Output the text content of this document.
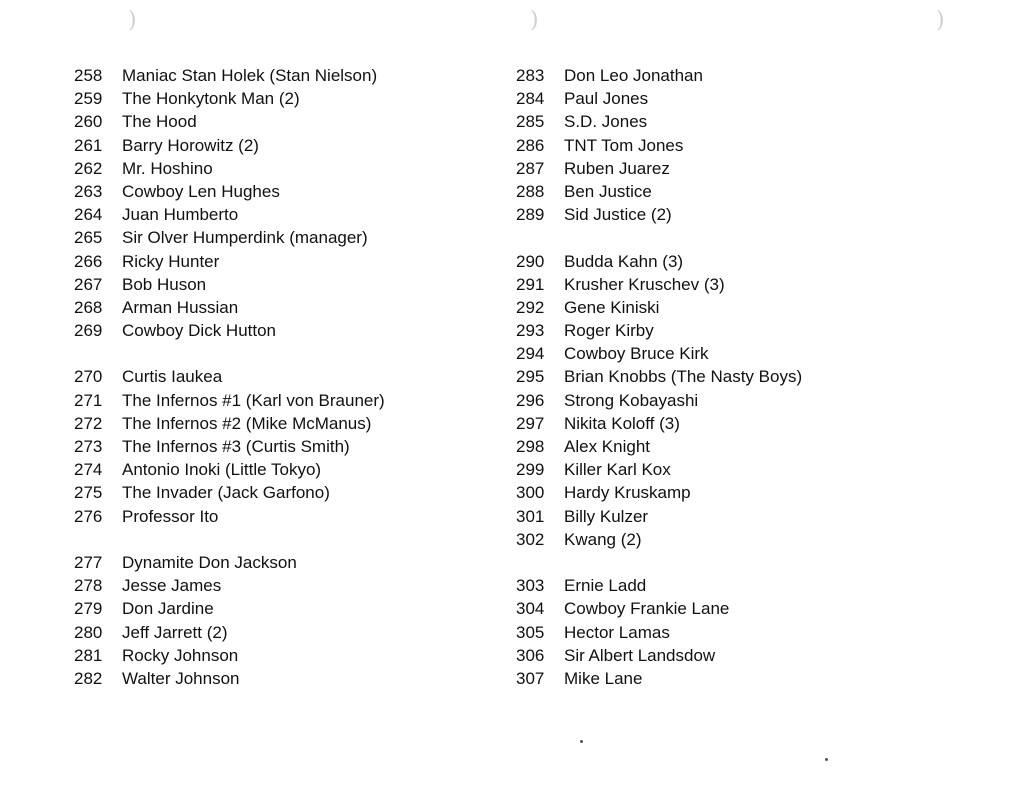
)	)	)
258	Maniac Stan Holek (Stan Nielson)
259	The Honkytonk Man (2)
260	The Hood
261	Barry Horowitz (2)
262	Mr. Hoshino
263	Cowboy Len Hughes
264	Juan Humberto
265	Sir Olver Humperdink (manager)
266	Ricky Hunter
267	Bob Huson
268	Arman Hussian
269	Cowboy Dick Hutton
270	Curtis Iaukea
271	The Infernos #1 (Karl von Brauner)
272	The Infernos #2 (Mike McManus)
273	The Infernos #3 (Curtis Smith)
274	Antonio Inoki (Little Tokyo)
275	The Invader (Jack Garfono)
276	Professor Ito
277	Dynamite Don Jackson
278	Jesse James
279	Don Jardine
280	Jeff Jarrett (2)
281	Rocky Johnson
282	Walter Johnson
283	Don Leo Jonathan
284	Paul Jones
285	S.D. Jones
286	TNT Tom Jones
287	Ruben Juarez
288	Ben Justice
289	Sid Justice (2)
290	Budda Kahn (3)
291	Krusher Kruschev (3)
292	Gene Kiniski
293	Roger Kirby
294	Cowboy Bruce Kirk
295	Brian Knobbs (The Nasty Boys)
296	Strong Kobayashi
297	Nikita Koloff (3)
298	Alex Knight
299	Killer Karl Kox
300	Hardy Kruskamp
301	Billy Kulzer
302	Kwang (2)
303	Ernie Ladd
304	Cowboy Frankie Lane
305	Hector Lamas
306	Sir Albert Landsdow
307	Mike Lane
